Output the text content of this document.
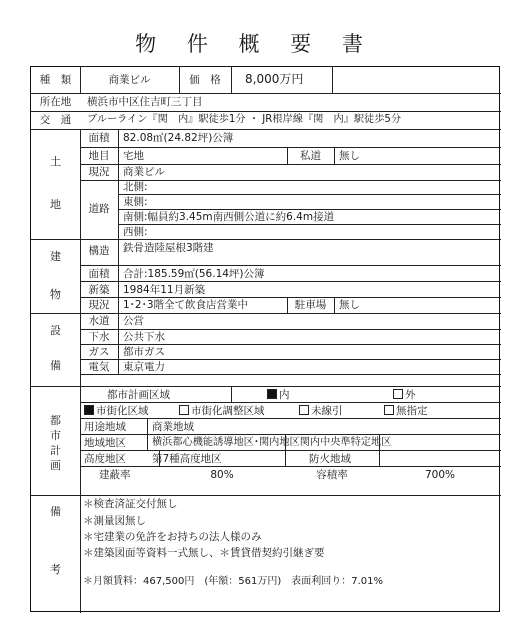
物 件 概 要 書
種　類	商業ビル	価　格	8,000万円
所在地	横浜市中区住吉町三丁目
交　通	ブルーライン『関　内』駅徒歩1分 ・ JR根岸線『関　内』駅徒歩5分
土
地
面積	82.08㎡(24.82坪)公簿
地目	宅地	私道	無し
現況	商業ビル
道路
北側:
東側:
南側:幅員約3.45m南西側公道に約6.4m接道
西側:
建
物
構造	鉄骨造陸屋根3階建
面積	合計:185.59㎡(56.14坪)公簿
新築	1984年11月新築
現況	1･2･3階全て飲食店営業中	駐車場	無し
設
備
水道	公営
下水	公共下水
ガス	都市ガス
電気	東京電力
都
市
計
画
都市計画区域	内	外
市街化区域	市街化調整区域	未線引	無指定
用途地域 商業地域
地域地区	横浜都心機能誘導地区･関内地区関内中央準特定地区
高度地区 第7種高度地区	防火地域
建蔽率	80%	容積率	700%
備
考
＊検査済証交付無し
＊測量図無し
＊宅建業の免許をお持ちの法人様のみ
＊建築図面等資料一式無し、＊賃貸借契約引継ぎ要
＊月額賃料：467,500円　(年額：561万円)　表面利回り：7.01%
